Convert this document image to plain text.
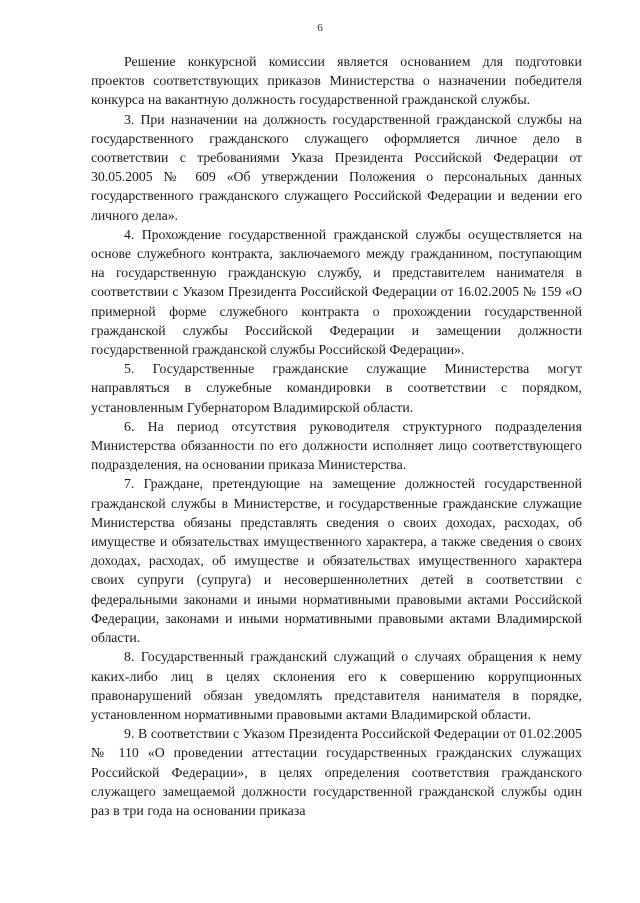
6

Решение конкурсной комиссии является основанием для подготовки проектов соответствующих приказов Министерства о назначении победителя конкурса на вакантную должность государственной гражданской службы.

3. При назначении на должность государственной гражданской службы на государственного гражданского служащего оформляется личное дело в соответствии с требованиями Указа Президента Российской Федерации от 30.05.2005 № 609 «Об утверждении Положения о персональных данных государственного гражданского служащего Российской Федерации и ведении его личного дела».

4. Прохождение государственной гражданской службы осуществляется на основе служебного контракта, заключаемого между гражданином, поступающим на государственную гражданскую службу, и представителем нанимателя в соответствии с Указом Президента Российской Федерации от 16.02.2005 № 159 «О примерной форме служебного контракта о прохождении государственной гражданской службы Российской Федерации и замещении должности государственной гражданской службы Российской Федерации».

5. Государственные гражданские служащие Министерства могут направляться в служебные командировки в соответствии с порядком, установленным Губернатором Владимирской области.

6. На период отсутствия руководителя структурного подразделения Министерства обязанности по его должности исполняет лицо соответствующего подразделения, на основании приказа Министерства.

7. Граждане, претендующие на замещение должностей государственной гражданской службы в Министерстве, и государственные гражданские служащие Министерства обязаны представлять сведения о своих доходах, расходах, об имуществе и обязательствах имущественного характера, а также сведения о своих доходах, расходах, об имуществе и обязательствах имущественного характера своих супруги (супруга) и несовершеннолетних детей в соответствии с федеральными законами и иными нормативными правовыми актами Российской Федерации, законами и иными нормативными правовыми актами Владимирской области.

8. Государственный гражданский служащий о случаях обращения к нему каких-либо лиц в целях склонения его к совершению коррупционных правонарушений обязан уведомлять представителя нанимателя в порядке, установленном нормативными правовыми актами Владимирской области.

9. В соответствии с Указом Президента Российской Федерации от 01.02.2005 № 110 «О проведении аттестации государственных гражданских служащих Российской Федерации», в целях определения соответствия гражданского служащего замещаемой должности государственной гражданской службы один раз в три года на основании приказа
